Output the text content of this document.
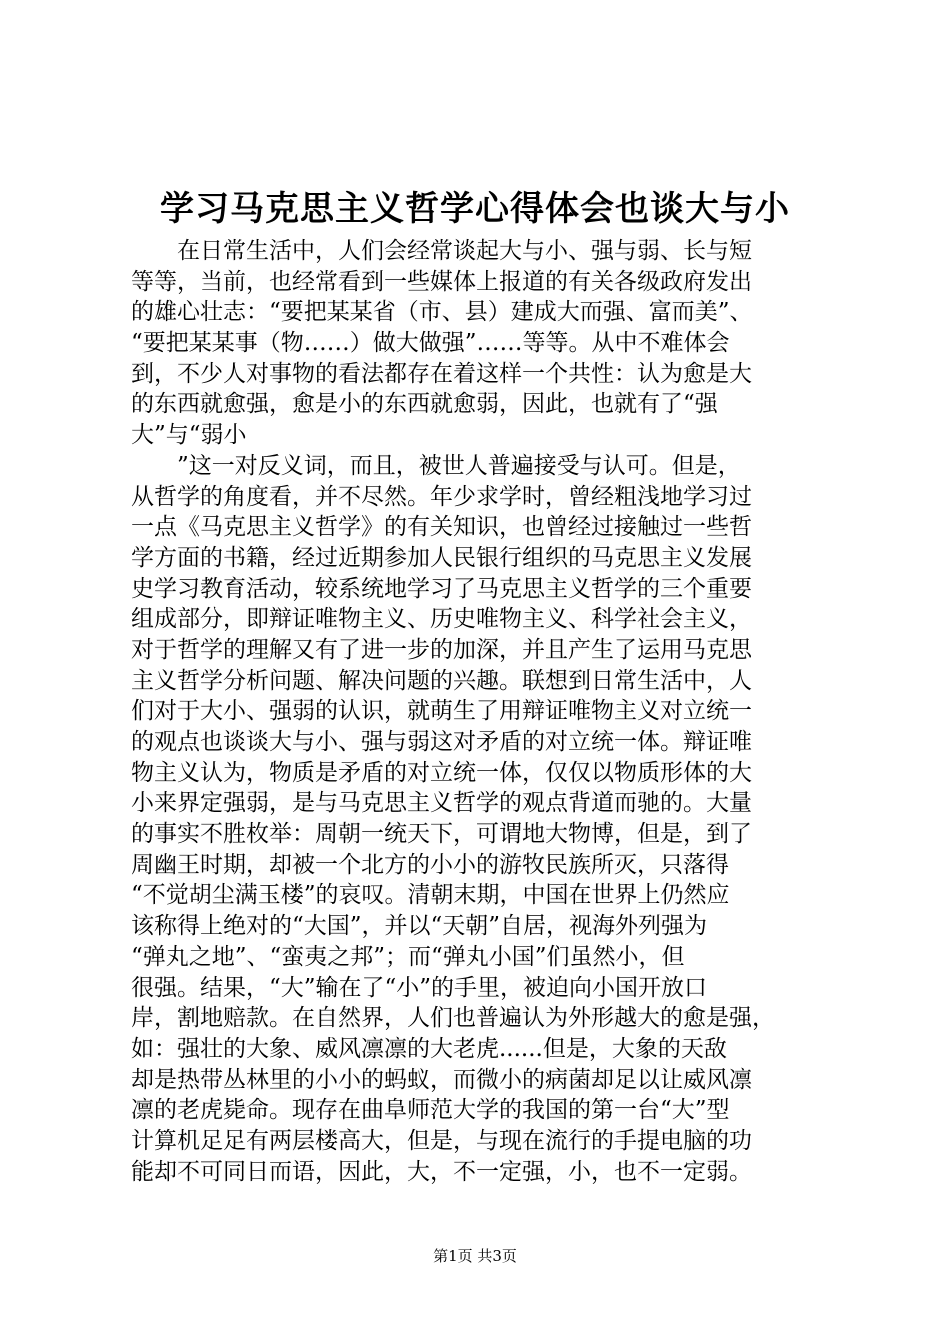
学习马克思主义哲学心得体会也谈大与小
　　在日常生活中，人们会经常谈起大与小、强与弱、长与短
等等，当前，也经常看到一些媒体上报道的有关各级政府发出
的雄心壮志：“要把某某省（市、县）建成大而强、富而美”、
“要把某某事（物……）做大做强”……等等。从中不难体会
到，不少人对事物的看法都存在着这样一个共性：认为愈是大
的东西就愈强，愈是小的东西就愈弱，因此，也就有了“强
大”与“弱小
　　”这一对反义词，而且，被世人普遍接受与认可。但是，
从哲学的角度看，并不尽然。年少求学时，曾经粗浅地学习过
一点《马克思主义哲学》的有关知识，也曾经过接触过一些哲
学方面的书籍，经过近期参加人民银行组织的马克思主义发展
史学习教育活动，较系统地学习了马克思主义哲学的三个重要
组成部分，即辩证唯物主义、历史唯物主义、科学社会主义，
对于哲学的理解又有了进一步的加深，并且产生了运用马克思
主义哲学分析问题、解决问题的兴趣。联想到日常生活中，人
们对于大小、强弱的认识，就萌生了用辩证唯物主义对立统一
的观点也谈谈大与小、强与弱这对矛盾的对立统一体。辩证唯
物主义认为，物质是矛盾的对立统一体，仅仅以物质形体的大
小来界定强弱，是与马克思主义哲学的观点背道而驰的。大量
的事实不胜枚举：周朝一统天下，可谓地大物博，但是，到了
周幽王时期，却被一个北方的小小的游牧民族所灭，只落得
“不觉胡尘满玉楼”的哀叹。清朝末期，中国在世界上仍然应
该称得上绝对的“大国”，并以“天朝”自居，视海外列强为
“弹丸之地”、“蛮夷之邦”；而“弹丸小国”们虽然小，但
很强。结果，“大”输在了“小”的手里，被迫向小国开放口
岸，割地赔款。在自然界，人们也普遍认为外形越大的愈是强，
如：强壮的大象、威风凛凛的大老虎......但是，大象的天敌
却是热带丛林里的小小的蚂蚁，而微小的病菌却足以让威风凛
凛的老虎毙命。现存在曲阜师范大学的我国的第一台“大”型
计算机足足有两层楼高大，但是，与现在流行的手提电脑的功
能却不可同日而语，因此，大，不一定强，小，也不一定弱。
第1页 共3页
